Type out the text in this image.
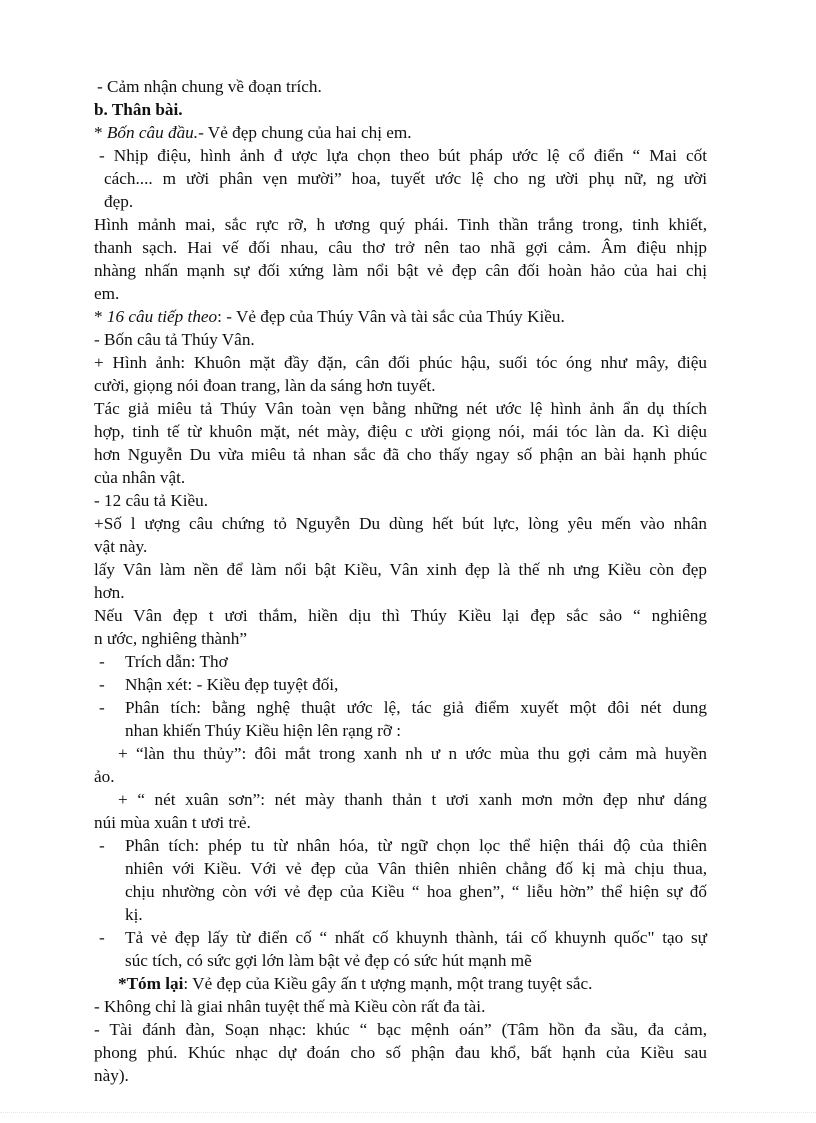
- Cảm nhận chung về đoạn trích.
b. Thân bài.
* Bốn câu đầu.- Vẻ đẹp chung của hai chị em.
- Nhịp điệu, hình ảnh đ ược lựa chọn theo bút pháp ước lệ cổ điển “ Mai cốt
cách.... m ười phân vẹn mười” hoa, tuyết ước lệ cho ng ười phụ nữ, ng ười
đẹp.
Hình mảnh mai, sắc rực rỡ, h ương quý phái. Tinh thần trắng trong, tinh khiết,
thanh sạch. Hai vế đối nhau, câu thơ trở nên tao nhã gợi cảm. Âm điệu nhịp
nhàng nhấn mạnh sự đối xứng làm nổi bật vẻ đẹp cân đối hoàn hảo của hai chị
em.
* 16 câu tiếp theo: - Vẻ đẹp của Thúy Vân và tài sắc của Thúy Kiều.
- Bốn câu tả Thúy Vân.
+ Hình ảnh: Khuôn mặt đầy đặn, cân đối phúc hậu, suối tóc óng như mây, điệu
cười, giọng nói đoan trang, làn da sáng hơn tuyết.
Tác giả miêu tả Thúy Vân toàn vẹn bằng những nét ước lệ hình ảnh ẩn dụ thích
hợp, tinh tế từ khuôn mặt, nét mày, điệu c ười giọng nói, mái tóc làn da. Kì diệu
hơn Nguyễn Du vừa miêu tả nhan sắc đã cho thấy ngay số phận an bài hạnh phúc
của nhân vật.
- 12 câu tả Kiều.
+Số l ượng câu chứng tỏ Nguyễn Du dùng hết bút lực, lòng yêu mến vào nhân
vật này.
lấy Vân làm nền để làm nổi bật Kiều, Vân xinh đẹp là thế nh ưng Kiều còn đẹp
hơn.
Nếu Vân đẹp t ươi thắm, hiền dịu thì Thúy Kiều lại đẹp sắc sảo “ nghiêng
n ước, nghiêng thành”
- Trích dẫn: Thơ
- Nhận xét: - Kiều đẹp tuyệt đối,
- Phân tích: bằng nghệ thuật ước lệ, tác giả điểm xuyết một đôi nét dung
nhan khiến Thúy Kiều hiện lên rạng rỡ :
+ “làn thu thủy”: đôi mắt trong xanh nh ư n ước mùa thu gợi cảm mà huyền
ảo.
+ “ nét xuân sơn”: nét mày thanh thản t ươi xanh mơn mởn đẹp như dáng
núi mùa xuân t ươi trẻ.
- Phân tích: phép tu từ nhân hóa, từ ngữ chọn lọc thể hiện thái độ của thiên
nhiên với Kiều. Với vẻ đẹp của Vân thiên nhiên chẳng đố kị mà chịu thua,
chịu nhường còn với vẻ đẹp của Kiều “ hoa ghen”, “ liễu hờn” thể hiện sự đố
kị.
- Tả vẻ đẹp lấy từ điển cố “ nhất cố khuynh thành, tái cố khuynh quốc" tạo sự
súc tích, có sức gợi lớn làm bật vẻ đẹp có sức hút mạnh mẽ
*Tóm lại: Vẻ đẹp của Kiều gây ấn t ượng mạnh, một trang tuyệt sắc.
- Không chỉ là giai nhân tuyệt thế mà Kiều còn rất đa tài.
- Tài đánh đàn, Soạn nhạc: khúc “ bạc mệnh oán” (Tâm hồn đa sầu, đa cảm,
phong phú. Khúc nhạc dự đoán cho số phận đau khổ, bất hạnh của Kiều sau
này).
